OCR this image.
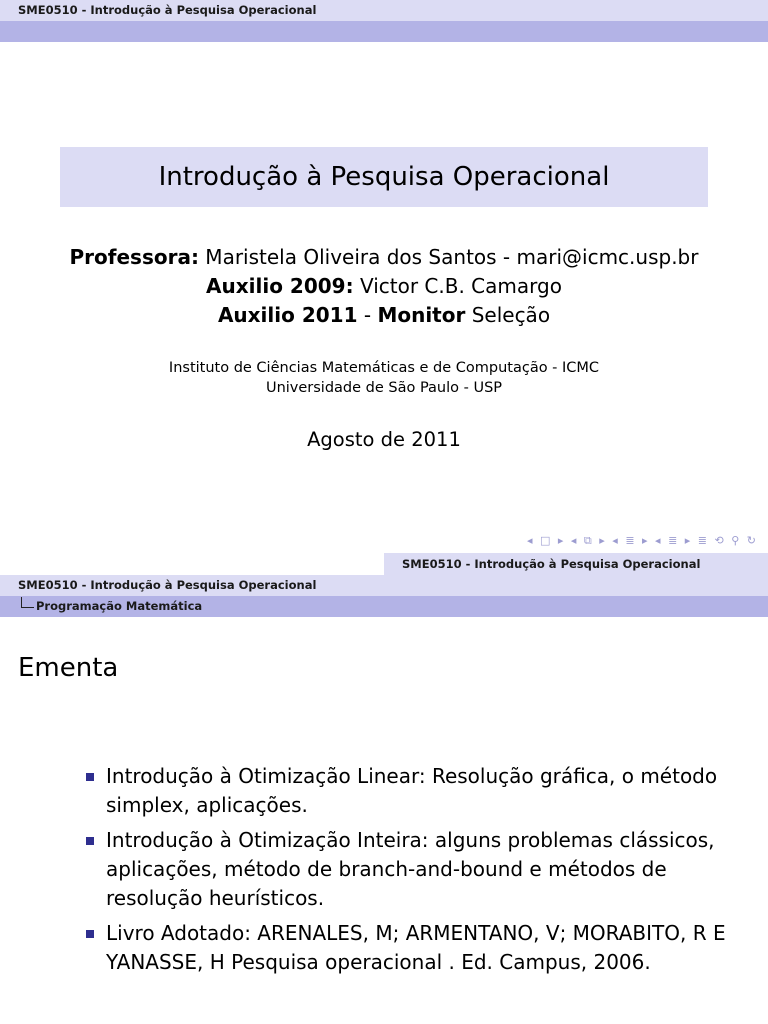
SME0510 - Introdução à Pesquisa Operacional
Introdução à Pesquisa Operacional
Professora: Maristela Oliveira dos Santos - mari@icmc.usp.br
Auxilio 2009: Victor C.B. Camargo
Auxilio 2011 - Monitor Seleção
Instituto de Ciências Matemáticas e de Computação - ICMC
Universidade de São Paulo - USP
Agosto de 2011
◂ □ ▸ ◂ ⧉ ▸ ◂ ≣ ▸ ◂ ≣ ▸ ≣ ⟲ ⚲ ↻
SME0510 - Introdução à Pesquisa Operacional
SME0510 - Introdução à Pesquisa Operacional
Programação Matemática
Ementa
Introdução à Otimização Linear: Resolução gráfica, o método simplex, aplicações.
Introdução à Otimização Inteira: alguns problemas clássicos, aplicações, método de branch-and-bound e métodos de resolução heurísticos.
Livro Adotado: ARENALES, M; ARMENTANO, V; MORABITO, R E YANASSE, H Pesquisa operacional . Ed. Campus, 2006.
